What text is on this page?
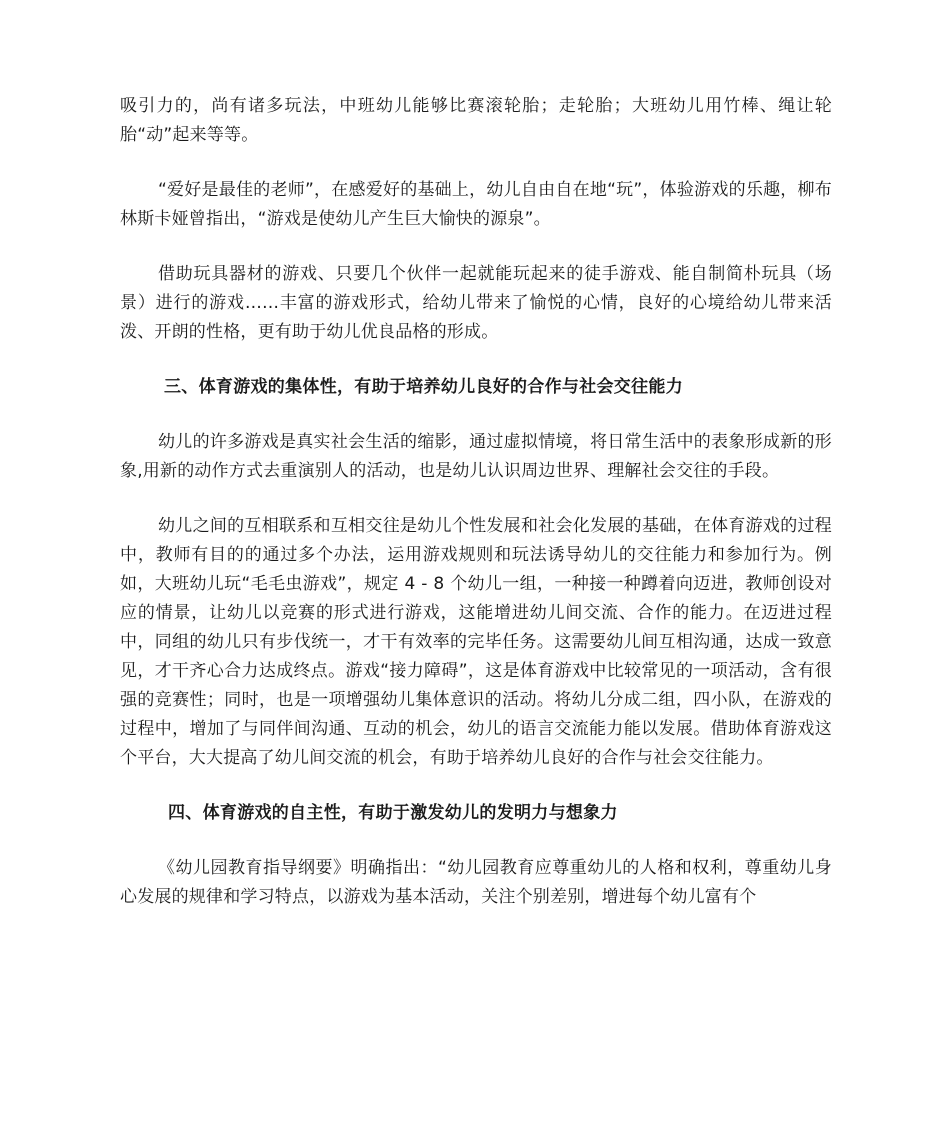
吸引力的，尚有诸多玩法，中班幼儿能够比赛滚轮胎；走轮胎；大班幼儿用竹棒、绳让轮胎“动”起来等等。

“爱好是最佳的老师”，在感爱好的基础上，幼儿自由自在地“玩”，体验游戏的乐趣，柳布林斯卡娅曾指出，“游戏是使幼儿产生巨大愉快的源泉”。

借助玩具器材的游戏、只要几个伙伴一起就能玩起来的徒手游戏、能自制简朴玩具（场景）进行的游戏……丰富的游戏形式，给幼儿带来了愉悦的心情，良好的心境给幼儿带来活泼、开朗的性格，更有助于幼儿优良品格的形成。

三、体育游戏的集体性，有助于培养幼儿良好的合作与社会交往能力

幼儿的许多游戏是真实社会生活的缩影，通过虚拟情境，将日常生活中的表象形成新的形象,用新的动作方式去重演别人的活动，也是幼儿认识周边世界、理解社会交往的手段。

幼儿之间的互相联系和互相交往是幼儿个性发展和社会化发展的基础，在体育游戏的过程中，教师有目的的通过多个办法，运用游戏规则和玩法诱导幼儿的交往能力和参加行为。例如，大班幼儿玩“毛毛虫游戏”，规定 4 - 8 个幼儿一组，一种接一种蹲着向迈进，教师创设对应的情景，让幼儿以竞赛的形式进行游戏，这能增进幼儿间交流、合作的能力。在迈进过程中，同组的幼儿只有步伐统一，才干有效率的完毕任务。这需要幼儿间互相沟通，达成一致意见，才干齐心合力达成终点。游戏“接力障碍”，这是体育游戏中比较常见的一项活动，含有很强的竞赛性；同时，也是一项增强幼儿集体意识的活动。将幼儿分成二组，四小队，在游戏的过程中，增加了与同伴间沟通、互动的机会，幼儿的语言交流能力能以发展。借助体育游戏这个平台，大大提高了幼儿间交流的机会，有助于培养幼儿良好的合作与社会交往能力。

四、体育游戏的自主性，有助于激发幼儿的发明力与想象力

《幼儿园教育指导纲要》明确指出：“幼儿园教育应尊重幼儿的人格和权利，尊重幼儿身心发展的规律和学习特点，以游戏为基本活动，关注个别差别，增进每个幼儿富有个
